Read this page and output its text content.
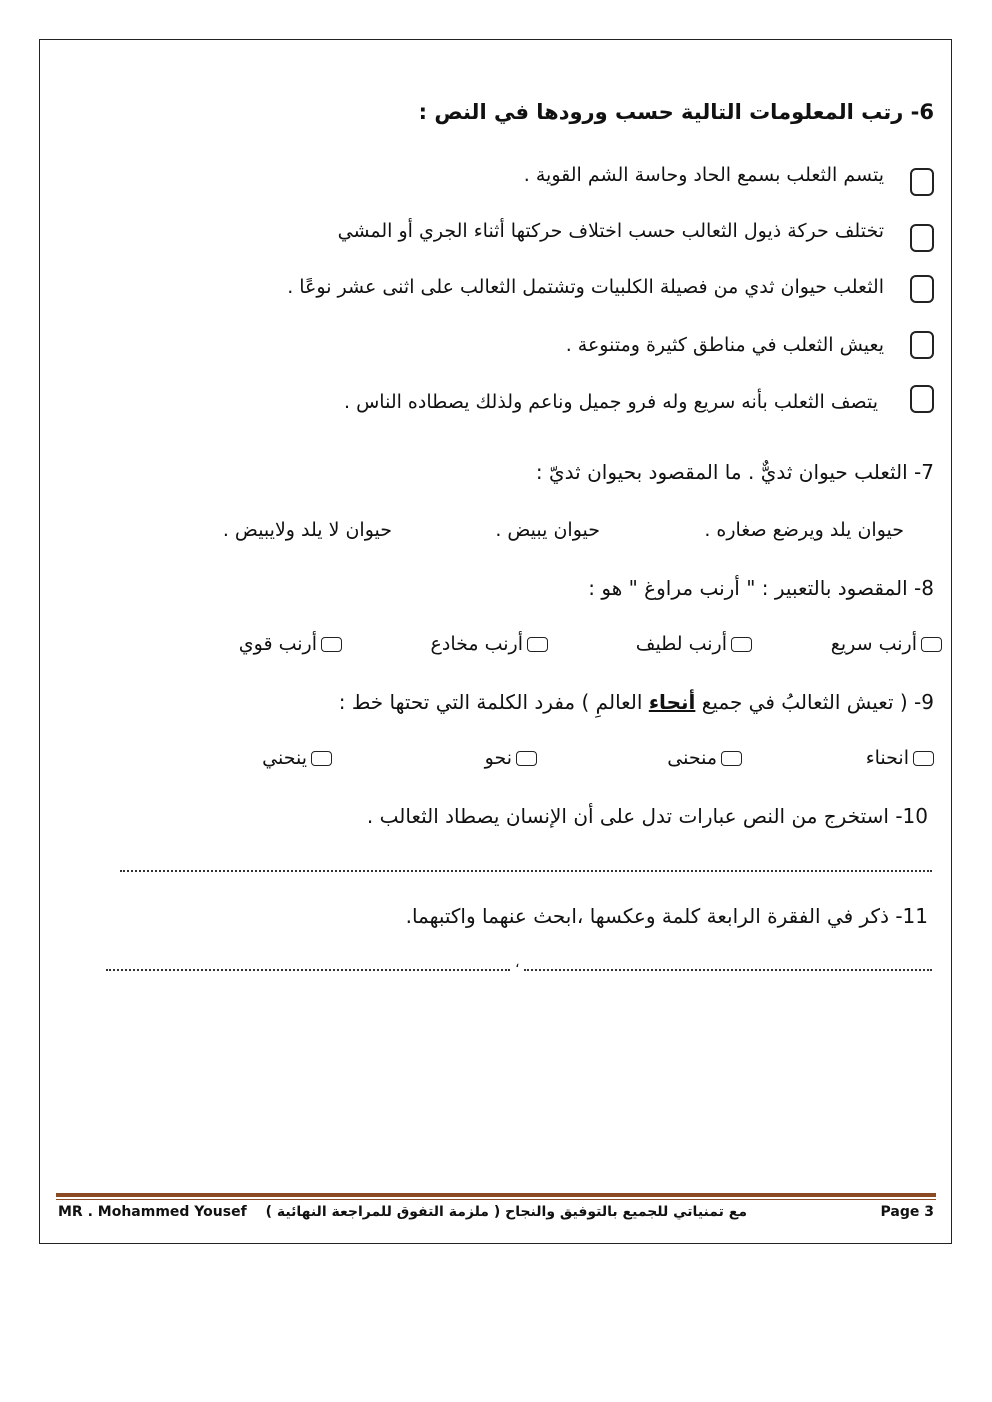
6- رتب المعلومات التالية حسب ورودها في النص :
يتسم الثعلب بسمع الحاد وحاسة الشم القوية .
تختلف حركة ذيول الثعالب حسب اختلاف حركتها أثناء الجري أو المشي
الثعلب حيوان ثدي من فصيلة الكلبيات وتشتمل الثعالب على اثنى عشر نوعًا .
يعيش الثعلب في مناطق كثيرة ومتنوعة .
يتصف الثعلب بأنه سريع وله فرو جميل وناعم ولذلك يصطاده الناس .
7- الثعلب حيوان ثديٌّ . ما المقصود بحيوان ثديّ :
حيوان يلد ويرضع صغاره .
حيوان يبيض .
حيوان لا يلد ولايبيض .
8- المقصود بالتعبير : " أرنب مراوغ " هو :
أرنب سريع
أرنب لطيف
أرنب مخادع
أرنب قوي
9- ( تعيش الثعالبُ في جميع أنحاء العالمِ ) مفرد الكلمة التي تحتها خط :
انحناء
منحنى
نحو
ينحني
10- استخرج من النص عبارات تدل على أن الإنسان يصطاد الثعالب .
11- ذكر في الفقرة الرابعة كلمة وعكسها ،ابحث عنهما واكتبهما.
،
MR . Mohammed Yousef مع تمنياتي للجميع بالتوفيق والنجاح ( ملزمة التفوق للمراجعة النهائية )	Page 3
